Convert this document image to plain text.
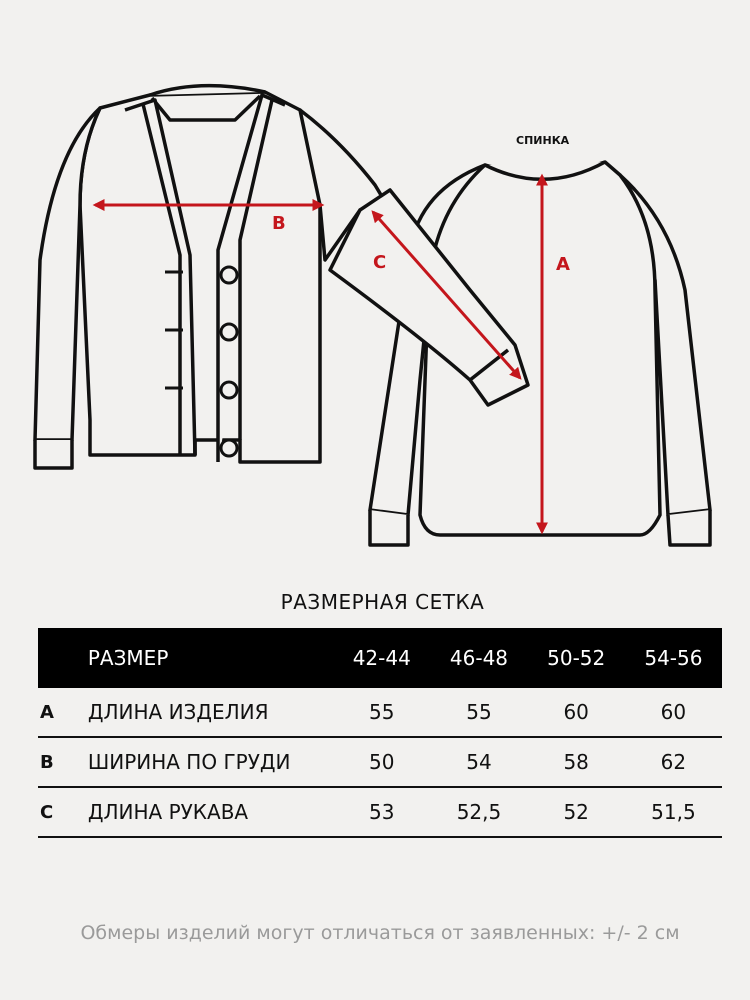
СПИНКА
B
A
C
РАЗМЕРНАЯ СЕТКА
РАЗМЕР	42-44	46-48	50-52	54-56
A	ДЛИНА ИЗДЕЛИЯ	55	55	60	60
B	ШИРИНА ПО ГРУДИ	50	54	58	62
C	ДЛИНА РУКАВА	53	52,5	52	51,5
Обмеры изделий могут отличаться от заявленных: +/- 2 см
